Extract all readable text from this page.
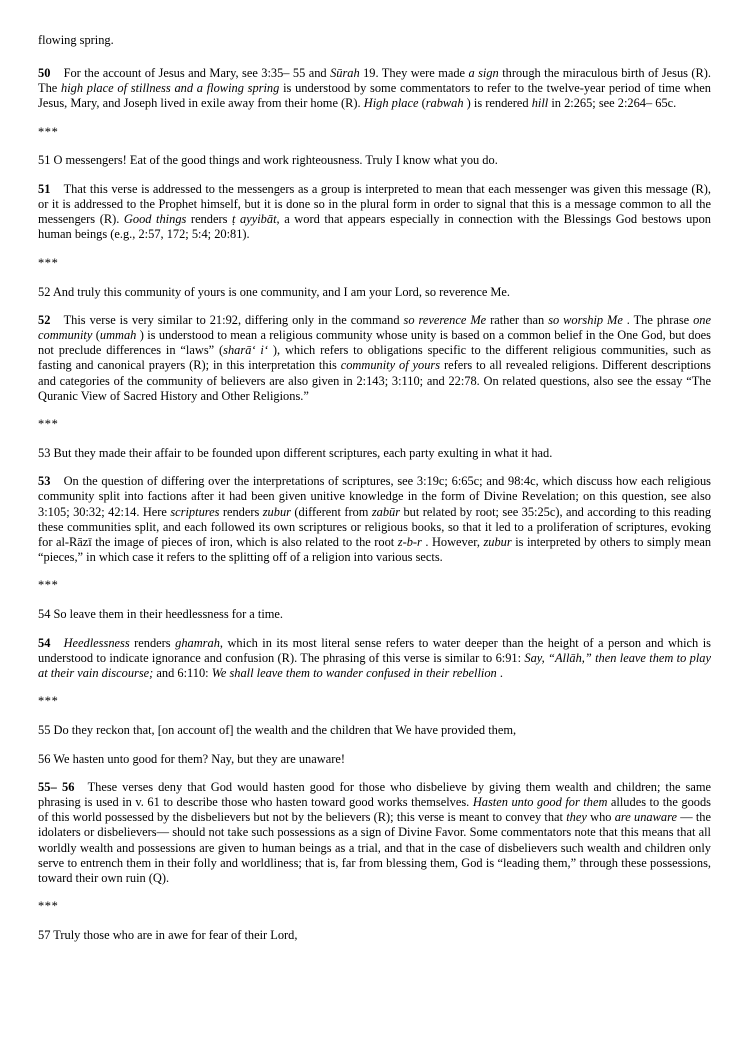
flowing spring.

50 For the account of Jesus and Mary, see 3:35– 55 and Sūrah 19. They were made a sign through the miraculous birth of Jesus (R). The high place of stillness and a flowing spring is understood by some commentators to refer to the twelve-year period of time when Jesus, Mary, and Joseph lived in exile away from their home (R). High place (rabwah ) is rendered hill in 2:265; see 2:264– 65c.

***

51 O messengers! Eat of the good things and work righteousness. Truly I know what you do.

51 That this verse is addressed to the messengers as a group is interpreted to mean that each messenger was given this message (R), or it is addressed to the Prophet himself, but it is done so in the plural form in order to signal that this is a message common to all the messengers (R). Good things renders ṭ ayyibāt, a word that appears especially in connection with the Blessings God bestows upon human beings (e.g., 2:57, 172; 5:4; 20:81).

***

52 And truly this community of yours is one community, and I am your Lord, so reverence Me.

52 This verse is very similar to 21:92, differing only in the command so reverence Me rather than so worship Me . The phrase one community (ummah ) is understood to mean a religious community whose unity is based on a common belief in the One God, but does not preclude differences in “laws” (sharāʻ iʻ ), which refers to obligations specific to the different religious communities, such as fasting and canonical prayers (R); in this interpretation this community of yours refers to all revealed religions. Different descriptions and categories of the community of believers are also given in 2:143; 3:110; and 22:78. On related questions, also see the essay “The Quranic View of Sacred History and Other Religions.”

***

53 But they made their affair to be founded upon different scriptures, each party exulting in what it had.

53 On the question of differing over the interpretations of scriptures, see 3:19c; 6:65c; and 98:4c, which discuss how each religious community split into factions after it had been given unitive knowledge in the form of Divine Revelation; on this question, see also 3:105; 30:32; 42:14. Here scriptures renders zubur (different from zabūr but related by root; see 35:25c), and according to this reading these communities split, and each followed its own scriptures or religious books, so that it led to a proliferation of scriptures, evoking for al-Rāzī the image of pieces of iron, which is also related to the root z-b-r . However, zubur is interpreted by others to simply mean “pieces,” in which case it refers to the splitting off of a religion into various sects.

***

54 So leave them in their heedlessness for a time.

54 Heedlessness renders ghamrah, which in its most literal sense refers to water deeper than the height of a person and which is understood to indicate ignorance and confusion (R). The phrasing of this verse is similar to 6:91: Say, “Allāh,” then leave them to play at their vain discourse; and 6:110: We shall leave them to wander confused in their rebellion .

***

55 Do they reckon that, [on account of] the wealth and the children that We have provided them,

56 We hasten unto good for them? Nay, but they are unaware!

55– 56 These verses deny that God would hasten good for those who disbelieve by giving them wealth and children; the same phrasing is used in v. 61 to describe those who hasten toward good works themselves. Hasten unto good for them alludes to the goods of this world possessed by the disbelievers but not by the believers (R); this verse is meant to convey that they who are unaware — the idolaters or disbelievers— should not take such possessions as a sign of Divine Favor. Some commentators note that this means that all worldly wealth and possessions are given to human beings as a trial, and that in the case of disbelievers such wealth and children only serve to entrench them in their folly and worldliness; that is, far from blessing them, God is “leading them,” through these possessions, toward their own ruin (Q).

***

57 Truly those who are in awe for fear of their Lord,
